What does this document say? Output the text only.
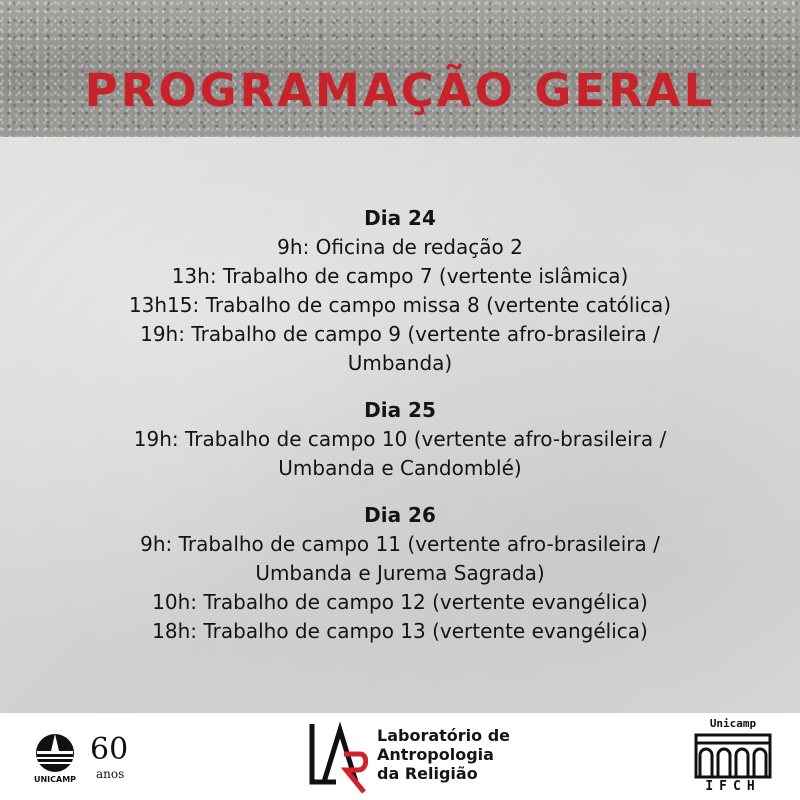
PROGRAMAÇÃO GERAL
Dia 24
9h: Oficina de redação 2
13h: Trabalho de campo 7 (vertente islâmica)
13h15: Trabalho de campo missa 8 (vertente católica)
19h: Trabalho de campo 9 (vertente afro-brasileira /
Umbanda)
Dia 25
19h: Trabalho de campo 10 (vertente afro-brasileira /
Umbanda e Candomblé)
Dia 26
9h: Trabalho de campo 11 (vertente afro-brasileira /
Umbanda e Jurema Sagrada)
10h: Trabalho de campo 12 (vertente evangélica)
18h: Trabalho de campo 13 (vertente evangélica)
UNICAMP
60
anos
Laboratório de
Antropologia
da Religião
Unicamp
IFCH
